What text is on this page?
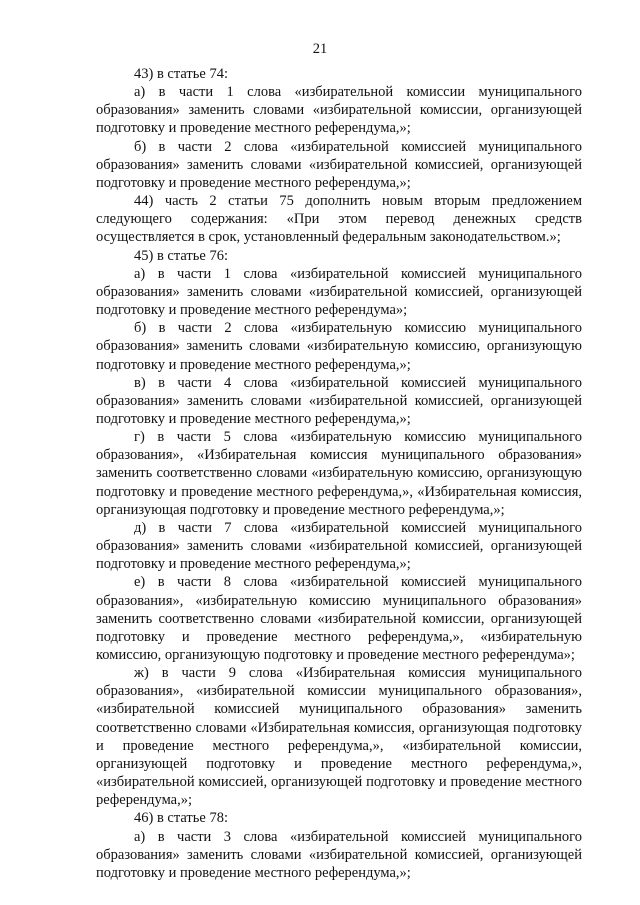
21

43) в статье 74:

а) в части 1 слова «избирательной комиссии муниципального образования» заменить словами «избирательной комиссии, организующей подготовку и проведение местного референдума,»;

б) в части 2 слова «избирательной комиссией муниципального образования» заменить словами «избирательной комиссией, организующей подготовку и проведение местного референдума,»;

44) часть 2 статьи 75 дополнить новым вторым предложением следующего содержания: «При этом перевод денежных средств осуществляется в срок, установленный федеральным законодательством.»;

45) в статье 76:

а) в части 1 слова «избирательной комиссией муниципального образования» заменить словами «избирательной комиссией, организующей подготовку и проведение местного референдума»;

б) в части 2 слова «избирательную комиссию муниципального образования» заменить словами «избирательную комиссию, организующую подготовку и проведение местного референдума,»;

в) в части 4 слова «избирательной комиссией муниципального образования» заменить словами «избирательной комиссией, организующей подготовку и проведение местного референдума,»;

г) в части 5 слова «избирательную комиссию муниципального образования», «Избирательная комиссия муниципального образования» заменить соответственно словами «избирательную комиссию, организующую подготовку и проведение местного референдума,», «Избирательная комиссия, организующая подготовку и проведение местного референдума,»;

д) в части 7 слова «избирательной комиссией муниципального образования» заменить словами «избирательной комиссией, организующей подготовку и проведение местного референдума,»;

е) в части 8 слова «избирательной комиссией муниципального образования», «избирательную комиссию муниципального образования» заменить соответственно словами «избирательной комиссии, организующей подготовку и проведение местного референдума,», «избирательную комиссию, организующую подготовку и проведение местного референдума»;

ж) в части 9 слова «Избирательная комиссия муниципального образования», «избирательной комиссии муниципального образования», «избирательной комиссией муниципального образования» заменить соответственно словами «Избирательная комиссия, организующая подготовку и проведение местного референдума,», «избирательной комиссии, организующей подготовку и проведение местного референдума,», «избирательной комиссией, организующей подготовку и проведение местного референдума,»;

46) в статье 78:

а) в части 3 слова «избирательной комиссией муниципального образования» заменить словами «избирательной комиссией, организующей подготовку и проведение местного референдума,»;
